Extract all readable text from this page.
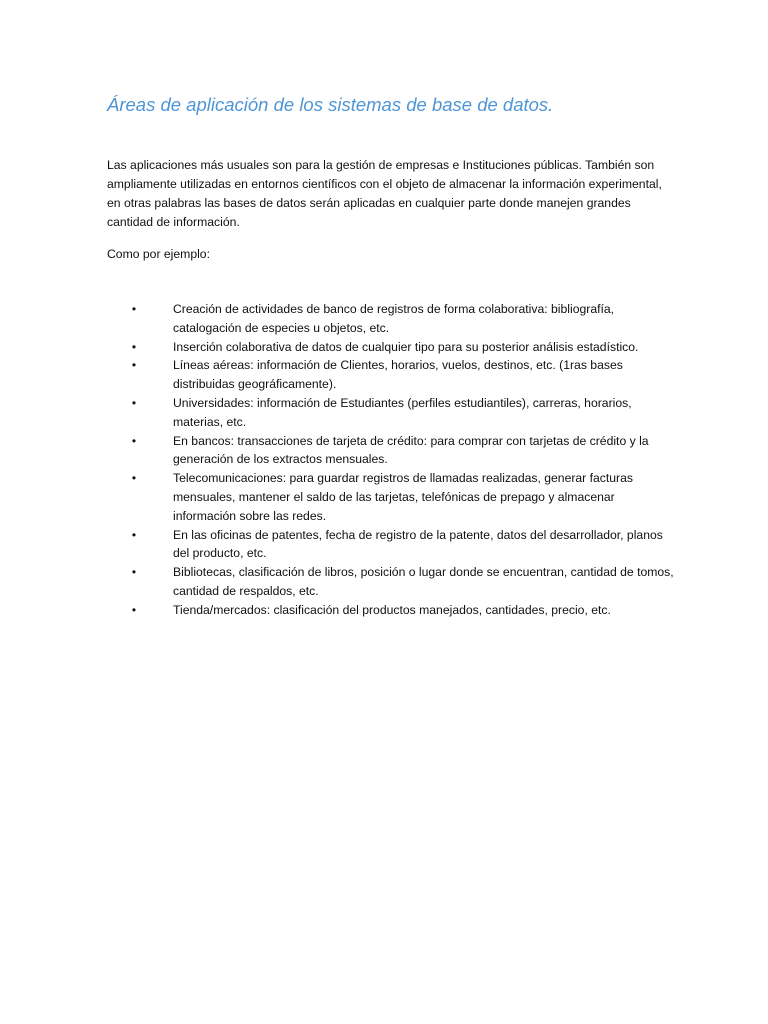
Áreas de aplicación de los sistemas de base de datos.

Las aplicaciones más usuales son para la gestión de empresas e Instituciones públicas. También son ampliamente utilizadas en entornos científicos con el objeto de almacenar la información experimental, en otras palabras las bases de datos serán aplicadas en cualquier parte donde manejen grandes cantidad de información.

Como por ejemplo:

•	Creación de actividades de banco de registros de forma colaborativa: bibliografía, catalogación de especies u objetos, etc.
•	Inserción colaborativa de datos de cualquier tipo para su posterior análisis estadístico.
•	Líneas aéreas: información de Clientes, horarios, vuelos, destinos, etc. (1ras bases distribuidas geográficamente).
•	Universidades: información de Estudiantes (perfiles estudiantiles), carreras, horarios, materias, etc.
•	En bancos: transacciones de tarjeta de crédito: para comprar con tarjetas de crédito y la generación de los extractos mensuales.
•	Telecomunicaciones: para guardar registros de llamadas realizadas, generar facturas mensuales, mantener el saldo de las tarjetas, telefónicas de prepago y almacenar información sobre las redes.
•	En las oficinas de patentes, fecha de registro de la patente, datos del desarrollador, planos del producto, etc.
•	Bibliotecas, clasificación de libros, posición o lugar donde se encuentran, cantidad de tomos, cantidad de respaldos, etc.
•	Tienda/mercados: clasificación del productos manejados, cantidades, precio, etc.
